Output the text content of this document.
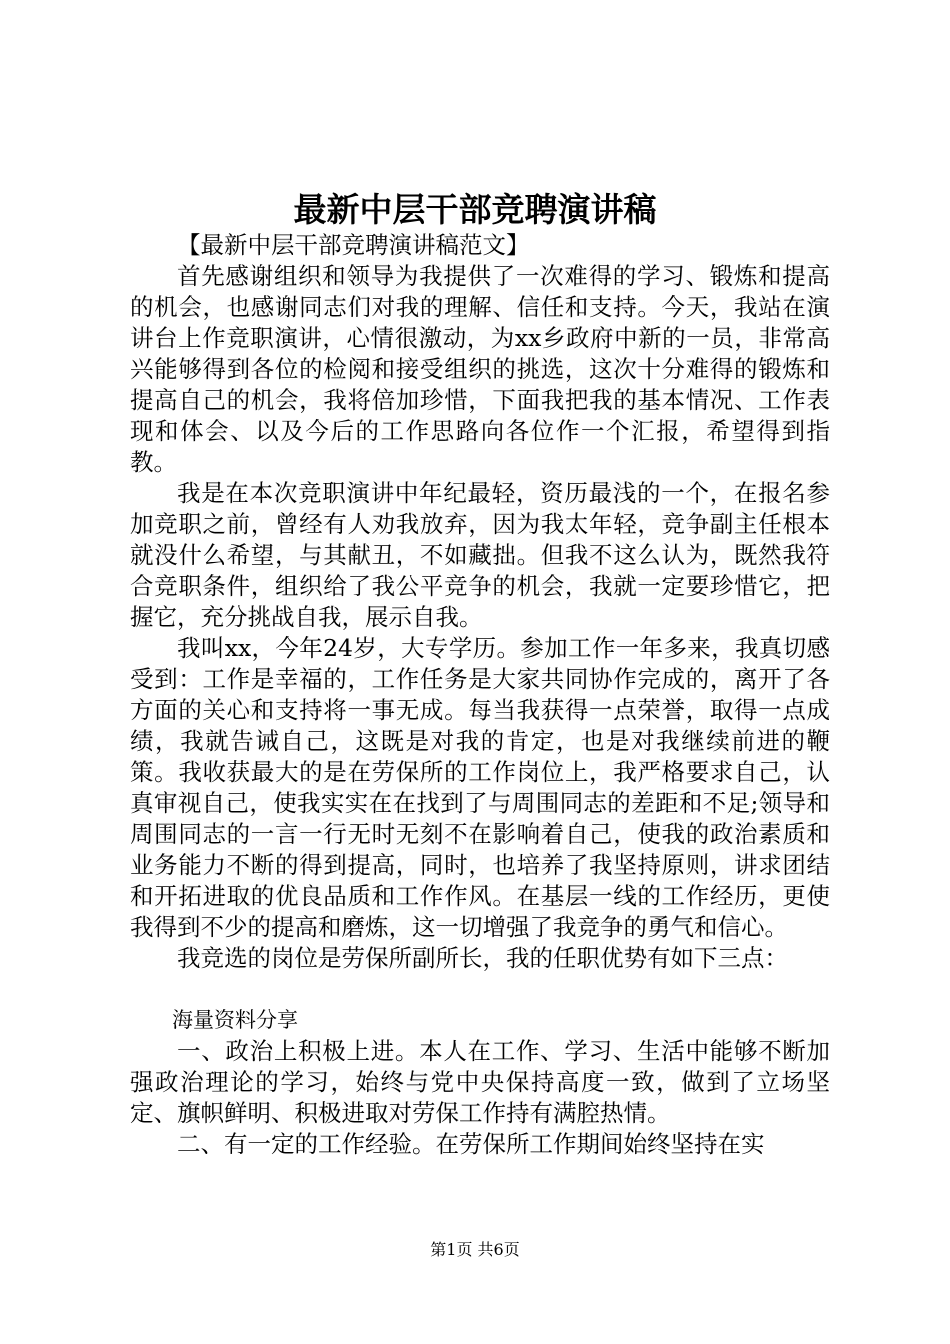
最新中层干部竞聘演讲稿

【最新中层干部竞聘演讲稿范文】

首先感谢组织和领导为我提供了一次难得的学习、锻炼和提高的机会，也感谢同志们对我的理解、信任和支持。今天，我站在演讲台上作竞职演讲，心情很激动，为xx乡政府中新的一员，非常高兴能够得到各位的检阅和接受组织的挑选，这次十分难得的锻炼和提高自己的机会，我将倍加珍惜，下面我把我的基本情况、工作表现和体会、以及今后的工作思路向各位作一个汇报，希望得到指教。

我是在本次竞职演讲中年纪最轻，资历最浅的一个，在报名参加竞职之前，曾经有人劝我放弃，因为我太年轻，竞争副主任根本就没什么希望，与其献丑，不如藏拙。但我不这么认为，既然我符合竞职条件，组织给了我公平竞争的机会，我就一定要珍惜它，把握它，充分挑战自我，展示自我。

我叫xx，今年24岁，大专学历。参加工作一年多来，我真切感受到：工作是幸福的，工作任务是大家共同协作完成的，离开了各方面的关心和支持将一事无成。每当我获得一点荣誉，取得一点成绩，我就告诫自己，这既是对我的肯定，也是对我继续前进的鞭策。我收获最大的是在劳保所的工作岗位上，我严格要求自己，认真审视自己，使我实实在在找到了与周围同志的差距和不足;领导和周围同志的一言一行无时无刻不在影响着自己，使我的政治素质和业务能力不断的得到提高，同时，也培养了我坚持原则，讲求团结和开拓进取的优良品质和工作作风。在基层一线的工作经历，更使我得到不少的提高和磨炼，这一切增强了我竞争的勇气和信心。

我竞选的岗位是劳保所副所长，我的任职优势有如下三点：

海量资料分享

一、政治上积极上进。本人在工作、学习、生活中能够不断加强政治理论的学习，始终与党中央保持高度一致，做到了立场坚定、旗帜鲜明、积极进取对劳保工作持有满腔热情。

二、有一定的工作经验。在劳保所工作期间始终坚持在实

第1页 共6页
